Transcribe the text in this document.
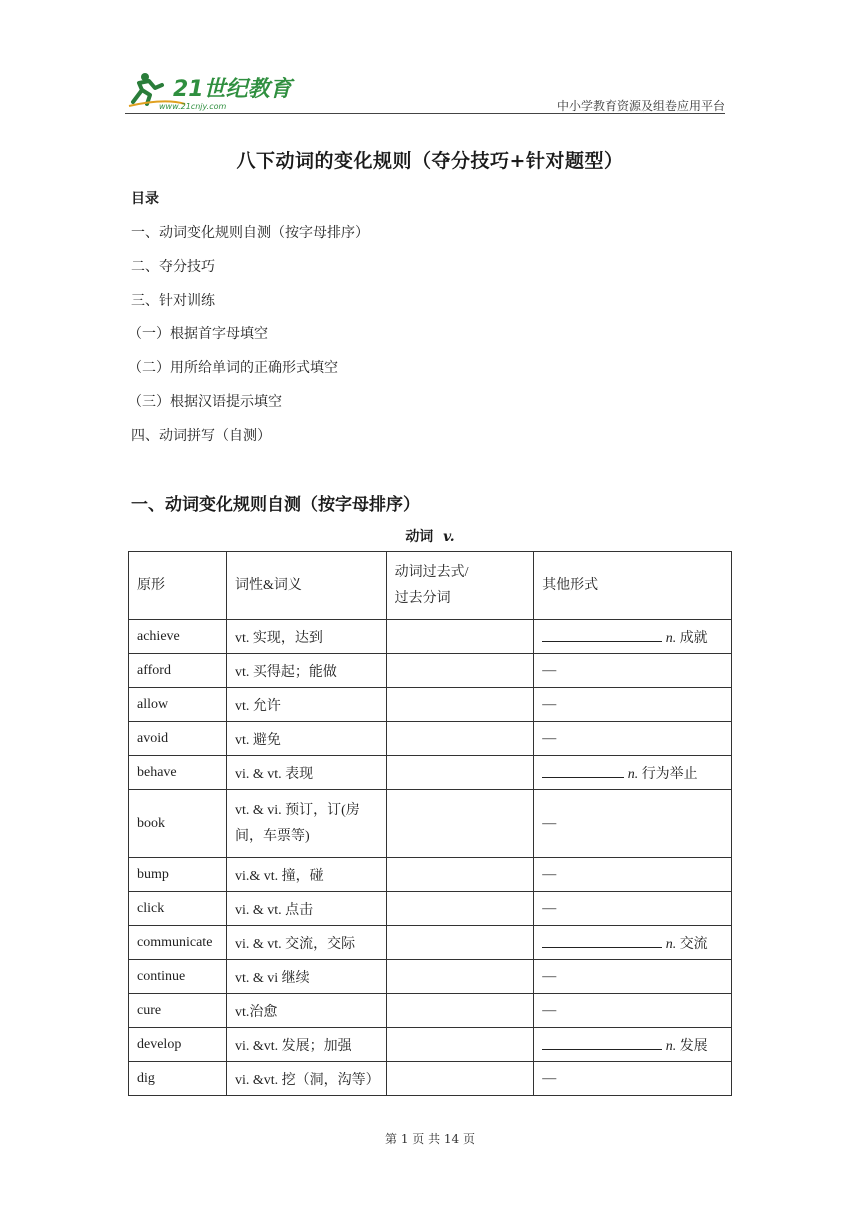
21世纪教育
www.21cnjy.com	中小学教育资源及组卷应用平台
八下动词的变化规则（夺分技巧+针对题型）
目录
一、动词变化规则自测（按字母排序）
二、夺分技巧
三、针对训练
（一）根据首字母填空
（二）用所给单词的正确形式填空
（三）根据汉语提示填空
四、动词拼写（自测）
一、动词变化规则自测（按字母排序）
动词 v.
原形	词性&词义	动词过去式/
过去分词	其他形式
achieve	vt. 实现，达到		n. 成就
afford	vt. 买得起；能做		—
allow	vt. 允许		—
avoid	vt. 避免		—
behave	vi. & vt. 表现		n. 行为举止
book	vt. & vi. 预订，订(房
间，车票等)		—
bump	vi.& vt. 撞，碰		—
click	vi. & vt. 点击		—
communicate	vi. & vt. 交流，交际		n. 交流
continue	vt. & vi 继续		—
cure	vt.治愈		—
develop	vi. &vt. 发展；加强		n. 发展
dig	vi. &vt. 挖（洞，沟等）		—
第 1 页 共 14 页
